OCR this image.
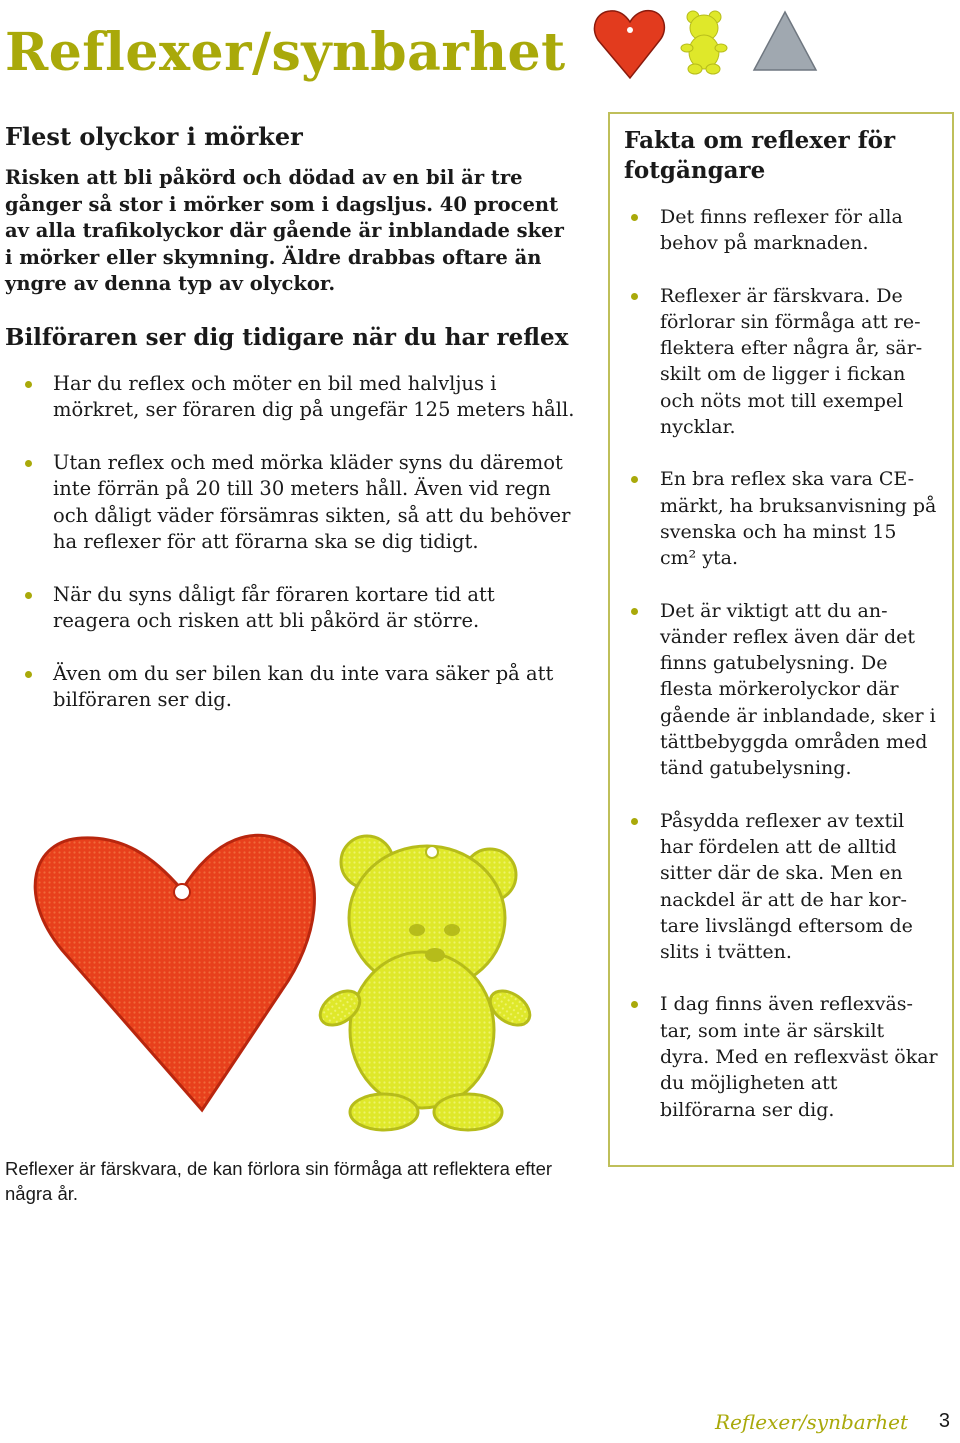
Reflexer/synbarhet
Flest olyckor i mörker

Risken att bli påkörd och dödad av en bil är tre gånger så stor i mörker som i dagsljus. 40 procent av alla trafikolyckor där gående är inblandade sker i mörker eller skymning. Äldre drabbas oftare än yngre av denna typ av olyckor.

Bilföraren ser dig tidigare när du har reflex
Har du reflex och möter en bil med halvljus i mörkret, ser föraren dig på ungefär 125 meters håll.
Utan reflex och med mörka kläder syns du däremot inte förrän på 20 till 30 meters håll. Även vid regn och dåligt väder försämras sikten, så att du behöver ha reflexer för att förarna ska se dig tidigt.
När du syns dåligt får föraren kortare tid att reagera och risken att bli påkörd är större.
Även om du ser bilen kan du inte vara säker på att bilföraren ser dig.
Reflexer är färskvara, de kan förlora sin förmåga att reflektera efter några år.
Fakta om reflexer för fotgängare
Det finns reflexer för alla behov på marknaden.
Reflexer är färskvara. De förlorar sin förmåga att re-flektera efter några år, sär-skilt om de ligger i fickan och nöts mot till exempel nycklar.
En bra reflex ska vara CE-märkt, ha bruksanvisning på svenska och ha minst 15 cm² yta.
Det är viktigt att du an-vänder reflex även där det finns gatubelysning. De flesta mörkerolyckor där gående är inblandade, sker i tättbebyggda områden med tänd gatubelysning.
Påsydda reflexer av textil har fördelen att de alltid sitter där de ska. Men en nackdel är att de har kor-tare livslängd eftersom de slits i tvätten.
I dag finns även reflexväs-tar, som inte är särskilt dyra. Med en reflexväst ökar du möjligheten att bilförarna ser dig.
Reflexer/synbarhet 3
